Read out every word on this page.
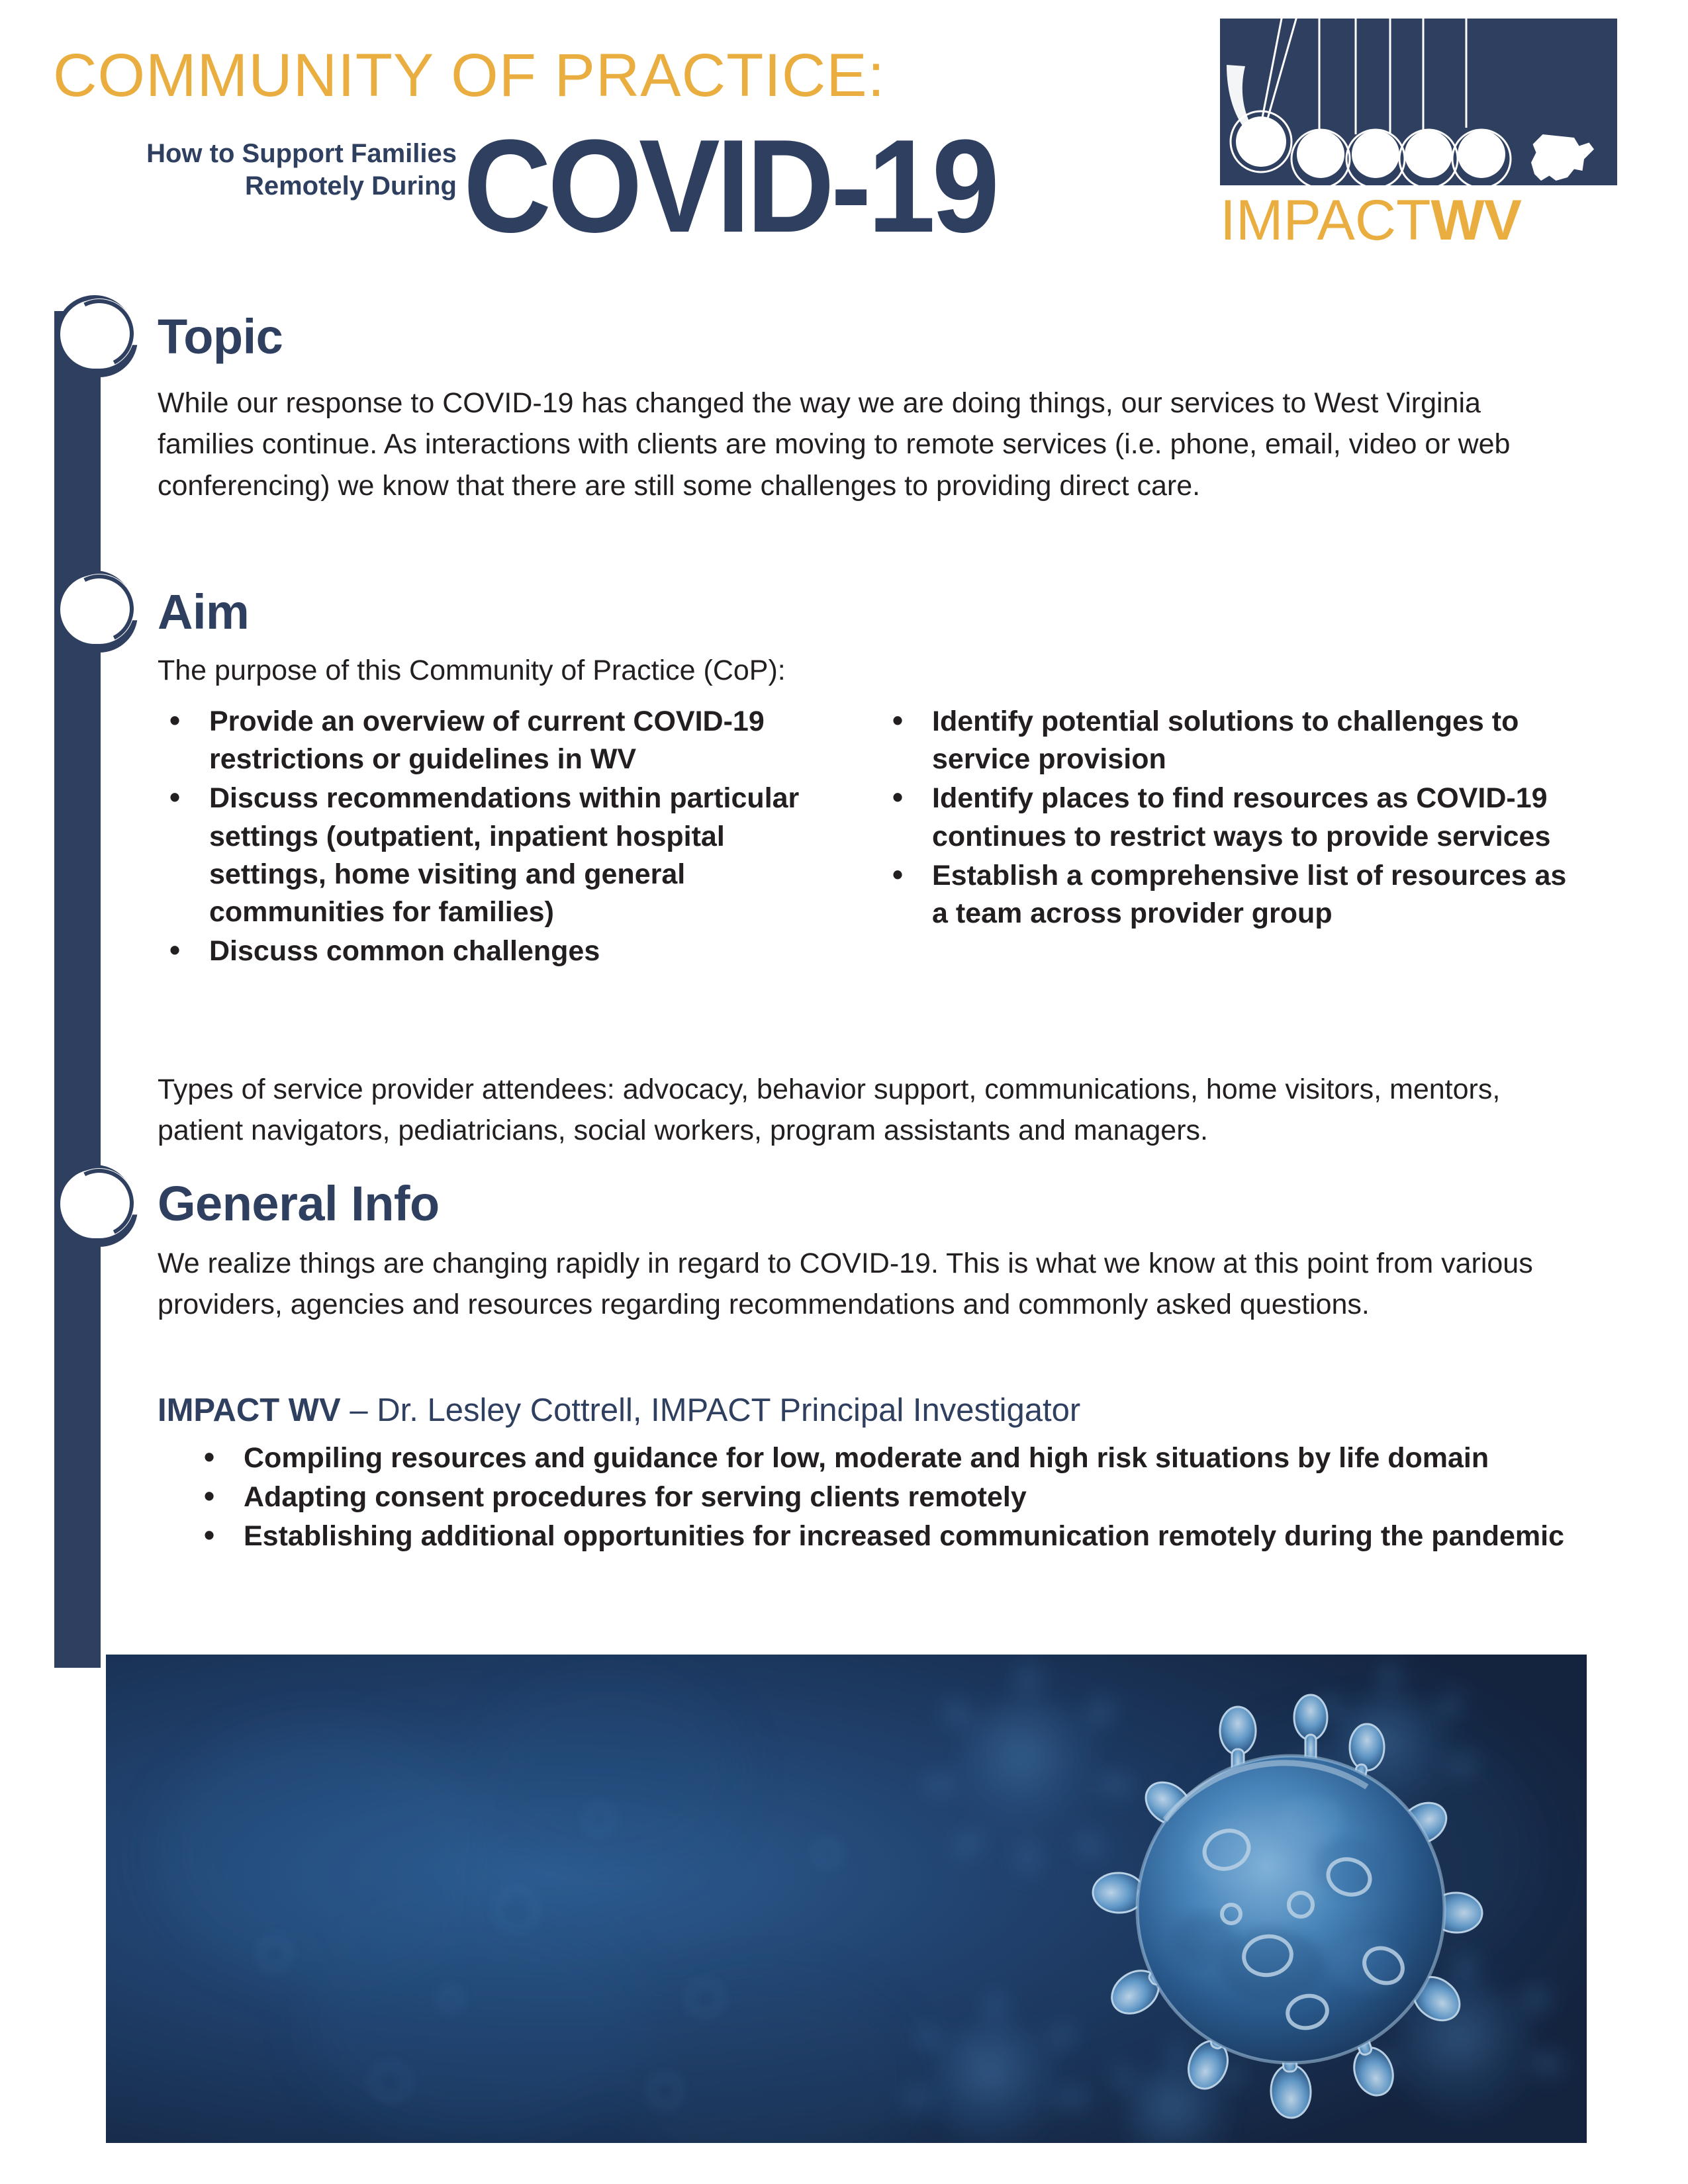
COMMUNITY OF PRACTICE:
How to Support Families
Remotely During COVID-19	IMPACTWV
Topic
While our response to COVID-19 has changed the way we are doing things, our services to West Virginia families continue. As interactions with clients are moving to remote services (i.e. phone, email, video or web conferencing) we know that there are still some challenges to providing direct care.
Aim
The purpose of this Community of Practice (CoP):
• Provide an overview of current COVID-19 restrictions or guidelines in WV
• Discuss recommendations within particular settings (outpatient, inpatient hospital settings, home visiting and general communities for families)
• Discuss common challenges
• Identify potential solutions to challenges to service provision
• Identify places to find resources as COVID-19 continues to restrict ways to provide services
• Establish a comprehensive list of resources as a team across provider group
Types of service provider attendees: advocacy, behavior support, communications, home visitors, mentors, patient navigators, pediatricians, social workers, program assistants and managers.
General Info
We realize things are changing rapidly in regard to COVID-19. This is what we know at this point from various providers, agencies and resources regarding recommendations and commonly asked questions.
IMPACT WV – Dr. Lesley Cottrell, IMPACT Principal Investigator
• Compiling resources and guidance for low, moderate and high risk situations by life domain
• Adapting consent procedures for serving clients remotely
• Establishing additional opportunities for increased communication remotely during the pandemic
